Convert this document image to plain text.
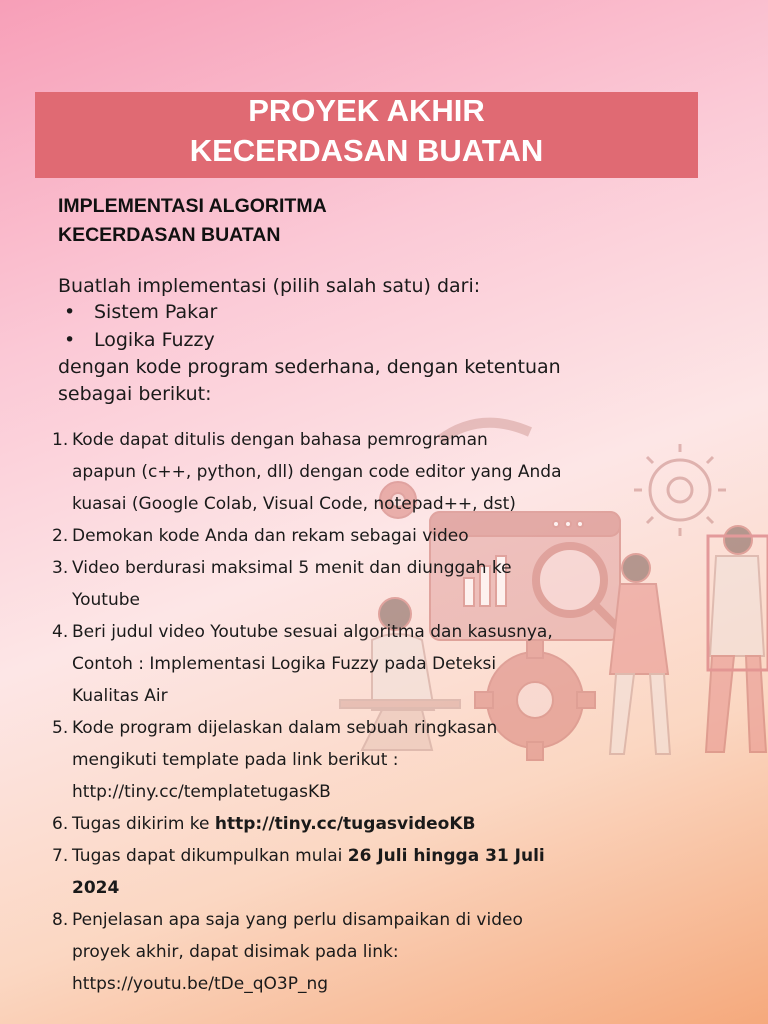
PROYEK AKHIR
KECERDASAN BUATAN
IMPLEMENTASI ALGORITMA
KECERDASAN BUATAN
Buatlah implementasi (pilih salah satu) dari:
• Sistem Pakar
• Logika Fuzzy
dengan kode program sederhana, dengan ketentuan
sebagai berikut:
1. Kode dapat ditulis dengan bahasa pemrograman
apapun (c++, python, dll) dengan code editor yang Anda
kuasai (Google Colab, Visual Code, notepad++, dst)
2. Demokan kode Anda dan rekam sebagai video
3. Video berdurasi maksimal 5 menit dan diunggah ke
Youtube
4. Beri judul video Youtube sesuai algoritma dan kasusnya,
Contoh : Implementasi Logika Fuzzy pada Deteksi
Kualitas Air
5. Kode program dijelaskan dalam sebuah ringkasan
mengikuti template pada link berikut :
http://tiny.cc/templatetugasKB
6. Tugas dikirim ke http://tiny.cc/tugasvideoKB
7. Tugas dapat dikumpulkan mulai 26 Juli hingga 31 Juli
2024
8. Penjelasan apa saja yang perlu disampaikan di video
proyek akhir, dapat disimak pada link:
https://youtu.be/tDe_qO3P_ng
